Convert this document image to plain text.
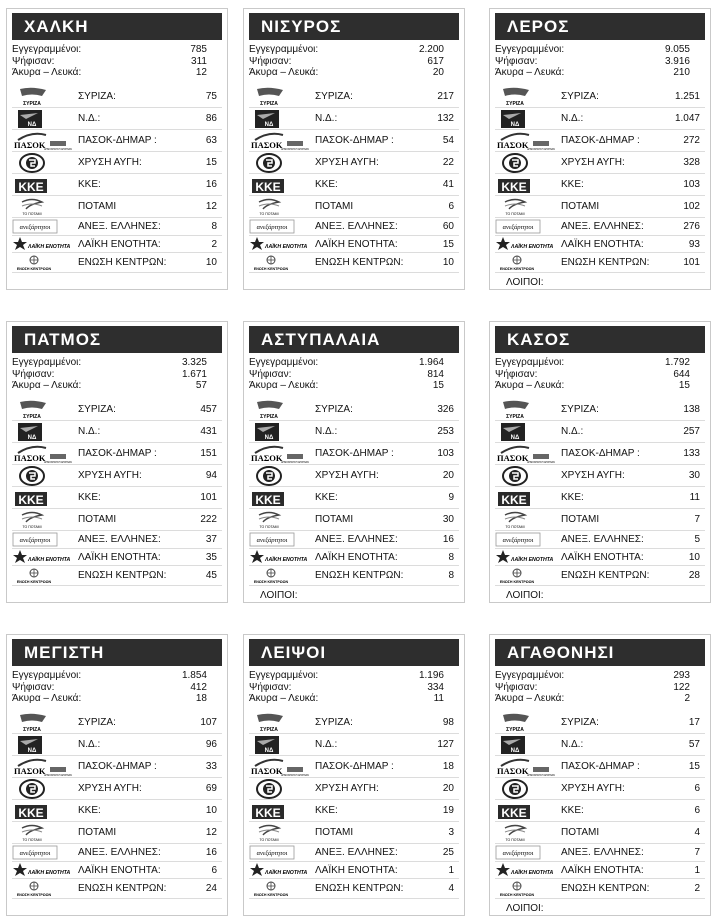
ΧΑΛΚΗ
Εγγεγραμμένοι:	785
Ψήφισαν:	311
Άκυρα – Λευκά:	12
ΣΥΡΙΖΑ
ΣΥΡΙΖΑ:	75
ΝΔ
Ν.Δ.:	86
ΠΑΣΟΚ
ΔΗΜΟΚΡΑΤΙΚΗ ΑΡΙΣΤΕΡΑ
ΠΑΣΟΚ-ΔΗΜΑΡ :	63
ΧΡΥΣΗ ΑΥΓΗ:	15
KKE	ΚΚΕ:	16
ΤΟ ΠΟΤΑΜΙ
ΠΟΤΑΜΙ	12
ανεξάρτητοι	ΑΝΕΞ. ΕΛΛΗΝΕΣ:	8
ΛΑΪΚΗ ΕΝΟΤΗΤΑ ΛΑΪΚΗ ΕΝΟΤΗΤΑ:	2
ΕΝΩΣΗ ΚΕΝΤΡΩΩΝ
ΕΝΩΣΗ ΚΕΝΤΡΩΝ:	10
ΝΙΣΥΡΟΣ
Εγγεγραμμένοι:	2.200
Ψήφισαν:	617
Άκυρα – Λευκά:	20
ΣΥΡΙΖΑ
ΣΥΡΙΖΑ:	217
ΝΔ
Ν.Δ.:	132
ΠΑΣΟΚ
ΔΗΜΟΚΡΑΤΙΚΗ ΑΡΙΣΤΕΡΑ
ΠΑΣΟΚ-ΔΗΜΑΡ :	54
ΧΡΥΣΗ ΑΥΓΗ:	22
KKE	ΚΚΕ:	41
ΤΟ ΠΟΤΑΜΙ
ΠΟΤΑΜΙ	6
ανεξάρτητοι	ΑΝΕΞ. ΕΛΛΗΝΕΣ:	60
ΛΑΪΚΗ ΕΝΟΤΗΤΑ ΛΑΪΚΗ ΕΝΟΤΗΤΑ:	15
ΕΝΩΣΗ ΚΕΝΤΡΩΩΝ
ΕΝΩΣΗ ΚΕΝΤΡΩΝ:	10
ΛΕΡΟΣ
Εγγεγραμμένοι:	9.055
Ψήφισαν:	3.916
Άκυρα – Λευκά:	210
ΣΥΡΙΖΑ
ΣΥΡΙΖΑ:	1.251
ΝΔ
Ν.Δ.:	1.047
ΠΑΣΟΚ
ΔΗΜΟΚΡΑΤΙΚΗ ΑΡΙΣΤΕΡΑ
ΠΑΣΟΚ-ΔΗΜΑΡ :	272
ΧΡΥΣΗ ΑΥΓΗ:	328
KKE	ΚΚΕ:	103
ΤΟ ΠΟΤΑΜΙ
ΠΟΤΑΜΙ	102
ανεξάρτητοι	ΑΝΕΞ. ΕΛΛΗΝΕΣ:	276
ΛΑΪΚΗ ΕΝΟΤΗΤΑ ΛΑΪΚΗ ΕΝΟΤΗΤΑ:	93
ΕΝΩΣΗ ΚΕΝΤΡΩΩΝ
ΕΝΩΣΗ ΚΕΝΤΡΩΝ:	101
ΛΟΙΠΟΙ:
ΠΑΤΜΟΣ
Εγγεγραμμένοι:	3.325
Ψήφισαν:	1.671
Άκυρα – Λευκά:	57
ΣΥΡΙΖΑ
ΣΥΡΙΖΑ:	457
ΝΔ
Ν.Δ.:	431
ΠΑΣΟΚ
ΔΗΜΟΚΡΑΤΙΚΗ ΑΡΙΣΤΕΡΑ
ΠΑΣΟΚ-ΔΗΜΑΡ :	151
ΧΡΥΣΗ ΑΥΓΗ:	94
KKE	ΚΚΕ:	101
ΤΟ ΠΟΤΑΜΙ
ΠΟΤΑΜΙ	222
ανεξάρτητοι	ΑΝΕΞ. ΕΛΛΗΝΕΣ:	37
ΛΑΪΚΗ ΕΝΟΤΗΤΑ ΛΑΪΚΗ ΕΝΟΤΗΤΑ:	35
ΕΝΩΣΗ ΚΕΝΤΡΩΩΝ
ΕΝΩΣΗ ΚΕΝΤΡΩΝ:	45
ΑΣΤΥΠΑΛΑΙΑ
Εγγεγραμμένοι:	1.964
Ψήφισαν:	814
Άκυρα – Λευκά:	15
ΣΥΡΙΖΑ
ΣΥΡΙΖΑ:	326
ΝΔ
Ν.Δ.:	253
ΠΑΣΟΚ
ΔΗΜΟΚΡΑΤΙΚΗ ΑΡΙΣΤΕΡΑ
ΠΑΣΟΚ-ΔΗΜΑΡ :	103
ΧΡΥΣΗ ΑΥΓΗ:	20
KKE	ΚΚΕ:	9
ΤΟ ΠΟΤΑΜΙ
ΠΟΤΑΜΙ	30
ανεξάρτητοι	ΑΝΕΞ. ΕΛΛΗΝΕΣ:	16
ΛΑΪΚΗ ΕΝΟΤΗΤΑ ΛΑΪΚΗ ΕΝΟΤΗΤΑ:	8
ΕΝΩΣΗ ΚΕΝΤΡΩΩΝ
ΕΝΩΣΗ ΚΕΝΤΡΩΝ:	8
ΛΟΙΠΟΙ:
ΚΑΣΟΣ
Εγγεγραμμένοι:	1.792
Ψήφισαν:	644
Άκυρα – Λευκά:	15
ΣΥΡΙΖΑ
ΣΥΡΙΖΑ:	138
ΝΔ
Ν.Δ.:	257
ΠΑΣΟΚ
ΔΗΜΟΚΡΑΤΙΚΗ ΑΡΙΣΤΕΡΑ
ΠΑΣΟΚ-ΔΗΜΑΡ :	133
ΧΡΥΣΗ ΑΥΓΗ:	30
KKE	ΚΚΕ:	11
ΤΟ ΠΟΤΑΜΙ
ΠΟΤΑΜΙ	7
ανεξάρτητοι	ΑΝΕΞ. ΕΛΛΗΝΕΣ:	5
ΛΑΪΚΗ ΕΝΟΤΗΤΑ ΛΑΪΚΗ ΕΝΟΤΗΤΑ:	10
ΕΝΩΣΗ ΚΕΝΤΡΩΩΝ
ΕΝΩΣΗ ΚΕΝΤΡΩΝ:	28
ΛΟΙΠΟΙ:
ΜΕΓΙΣΤΗ
Εγγεγραμμένοι:	1.854
Ψήφισαν:	412
Άκυρα – Λευκά:	18
ΣΥΡΙΖΑ
ΣΥΡΙΖΑ:	107
ΝΔ
Ν.Δ.:	96
ΠΑΣΟΚ
ΔΗΜΟΚΡΑΤΙΚΗ ΑΡΙΣΤΕΡΑ
ΠΑΣΟΚ-ΔΗΜΑΡ :	33
ΧΡΥΣΗ ΑΥΓΗ:	69
KKE	ΚΚΕ:	10
ΤΟ ΠΟΤΑΜΙ
ΠΟΤΑΜΙ	12
ανεξάρτητοι	ΑΝΕΞ. ΕΛΛΗΝΕΣ:	16
ΛΑΪΚΗ ΕΝΟΤΗΤΑ ΛΑΪΚΗ ΕΝΟΤΗΤΑ:	6
ΕΝΩΣΗ ΚΕΝΤΡΩΩΝ
ΕΝΩΣΗ ΚΕΝΤΡΩΝ:	24
ΛΕΙΨΟΙ
Εγγεγραμμένοι:	1.196
Ψήφισαν:	334
Άκυρα – Λευκά:	11
ΣΥΡΙΖΑ
ΣΥΡΙΖΑ:	98
ΝΔ
Ν.Δ.:	127
ΠΑΣΟΚ
ΔΗΜΟΚΡΑΤΙΚΗ ΑΡΙΣΤΕΡΑ
ΠΑΣΟΚ-ΔΗΜΑΡ :	18
ΧΡΥΣΗ ΑΥΓΗ:	20
KKE	ΚΚΕ:	19
ΤΟ ΠΟΤΑΜΙ
ΠΟΤΑΜΙ	3
ανεξάρτητοι	ΑΝΕΞ. ΕΛΛΗΝΕΣ:	25
ΛΑΪΚΗ ΕΝΟΤΗΤΑ ΛΑΪΚΗ ΕΝΟΤΗΤΑ:	1
ΕΝΩΣΗ ΚΕΝΤΡΩΩΝ
ΕΝΩΣΗ ΚΕΝΤΡΩΝ:	4
ΑΓΑΘΟΝΗΣΙ
Εγγεγραμμένοι:	293
Ψήφισαν:	122
Άκυρα – Λευκά:	2
ΣΥΡΙΖΑ
ΣΥΡΙΖΑ:	17
ΝΔ
Ν.Δ.:	57
ΠΑΣΟΚ
ΔΗΜΟΚΡΑΤΙΚΗ ΑΡΙΣΤΕΡΑ
ΠΑΣΟΚ-ΔΗΜΑΡ :	15
ΧΡΥΣΗ ΑΥΓΗ:	6
KKE	ΚΚΕ:	6
ΤΟ ΠΟΤΑΜΙ
ΠΟΤΑΜΙ	4
ανεξάρτητοι	ΑΝΕΞ. ΕΛΛΗΝΕΣ:	7
ΛΑΪΚΗ ΕΝΟΤΗΤΑ ΛΑΪΚΗ ΕΝΟΤΗΤΑ:	1
ΕΝΩΣΗ ΚΕΝΤΡΩΩΝ
ΕΝΩΣΗ ΚΕΝΤΡΩΝ:	2
ΛΟΙΠΟΙ:
